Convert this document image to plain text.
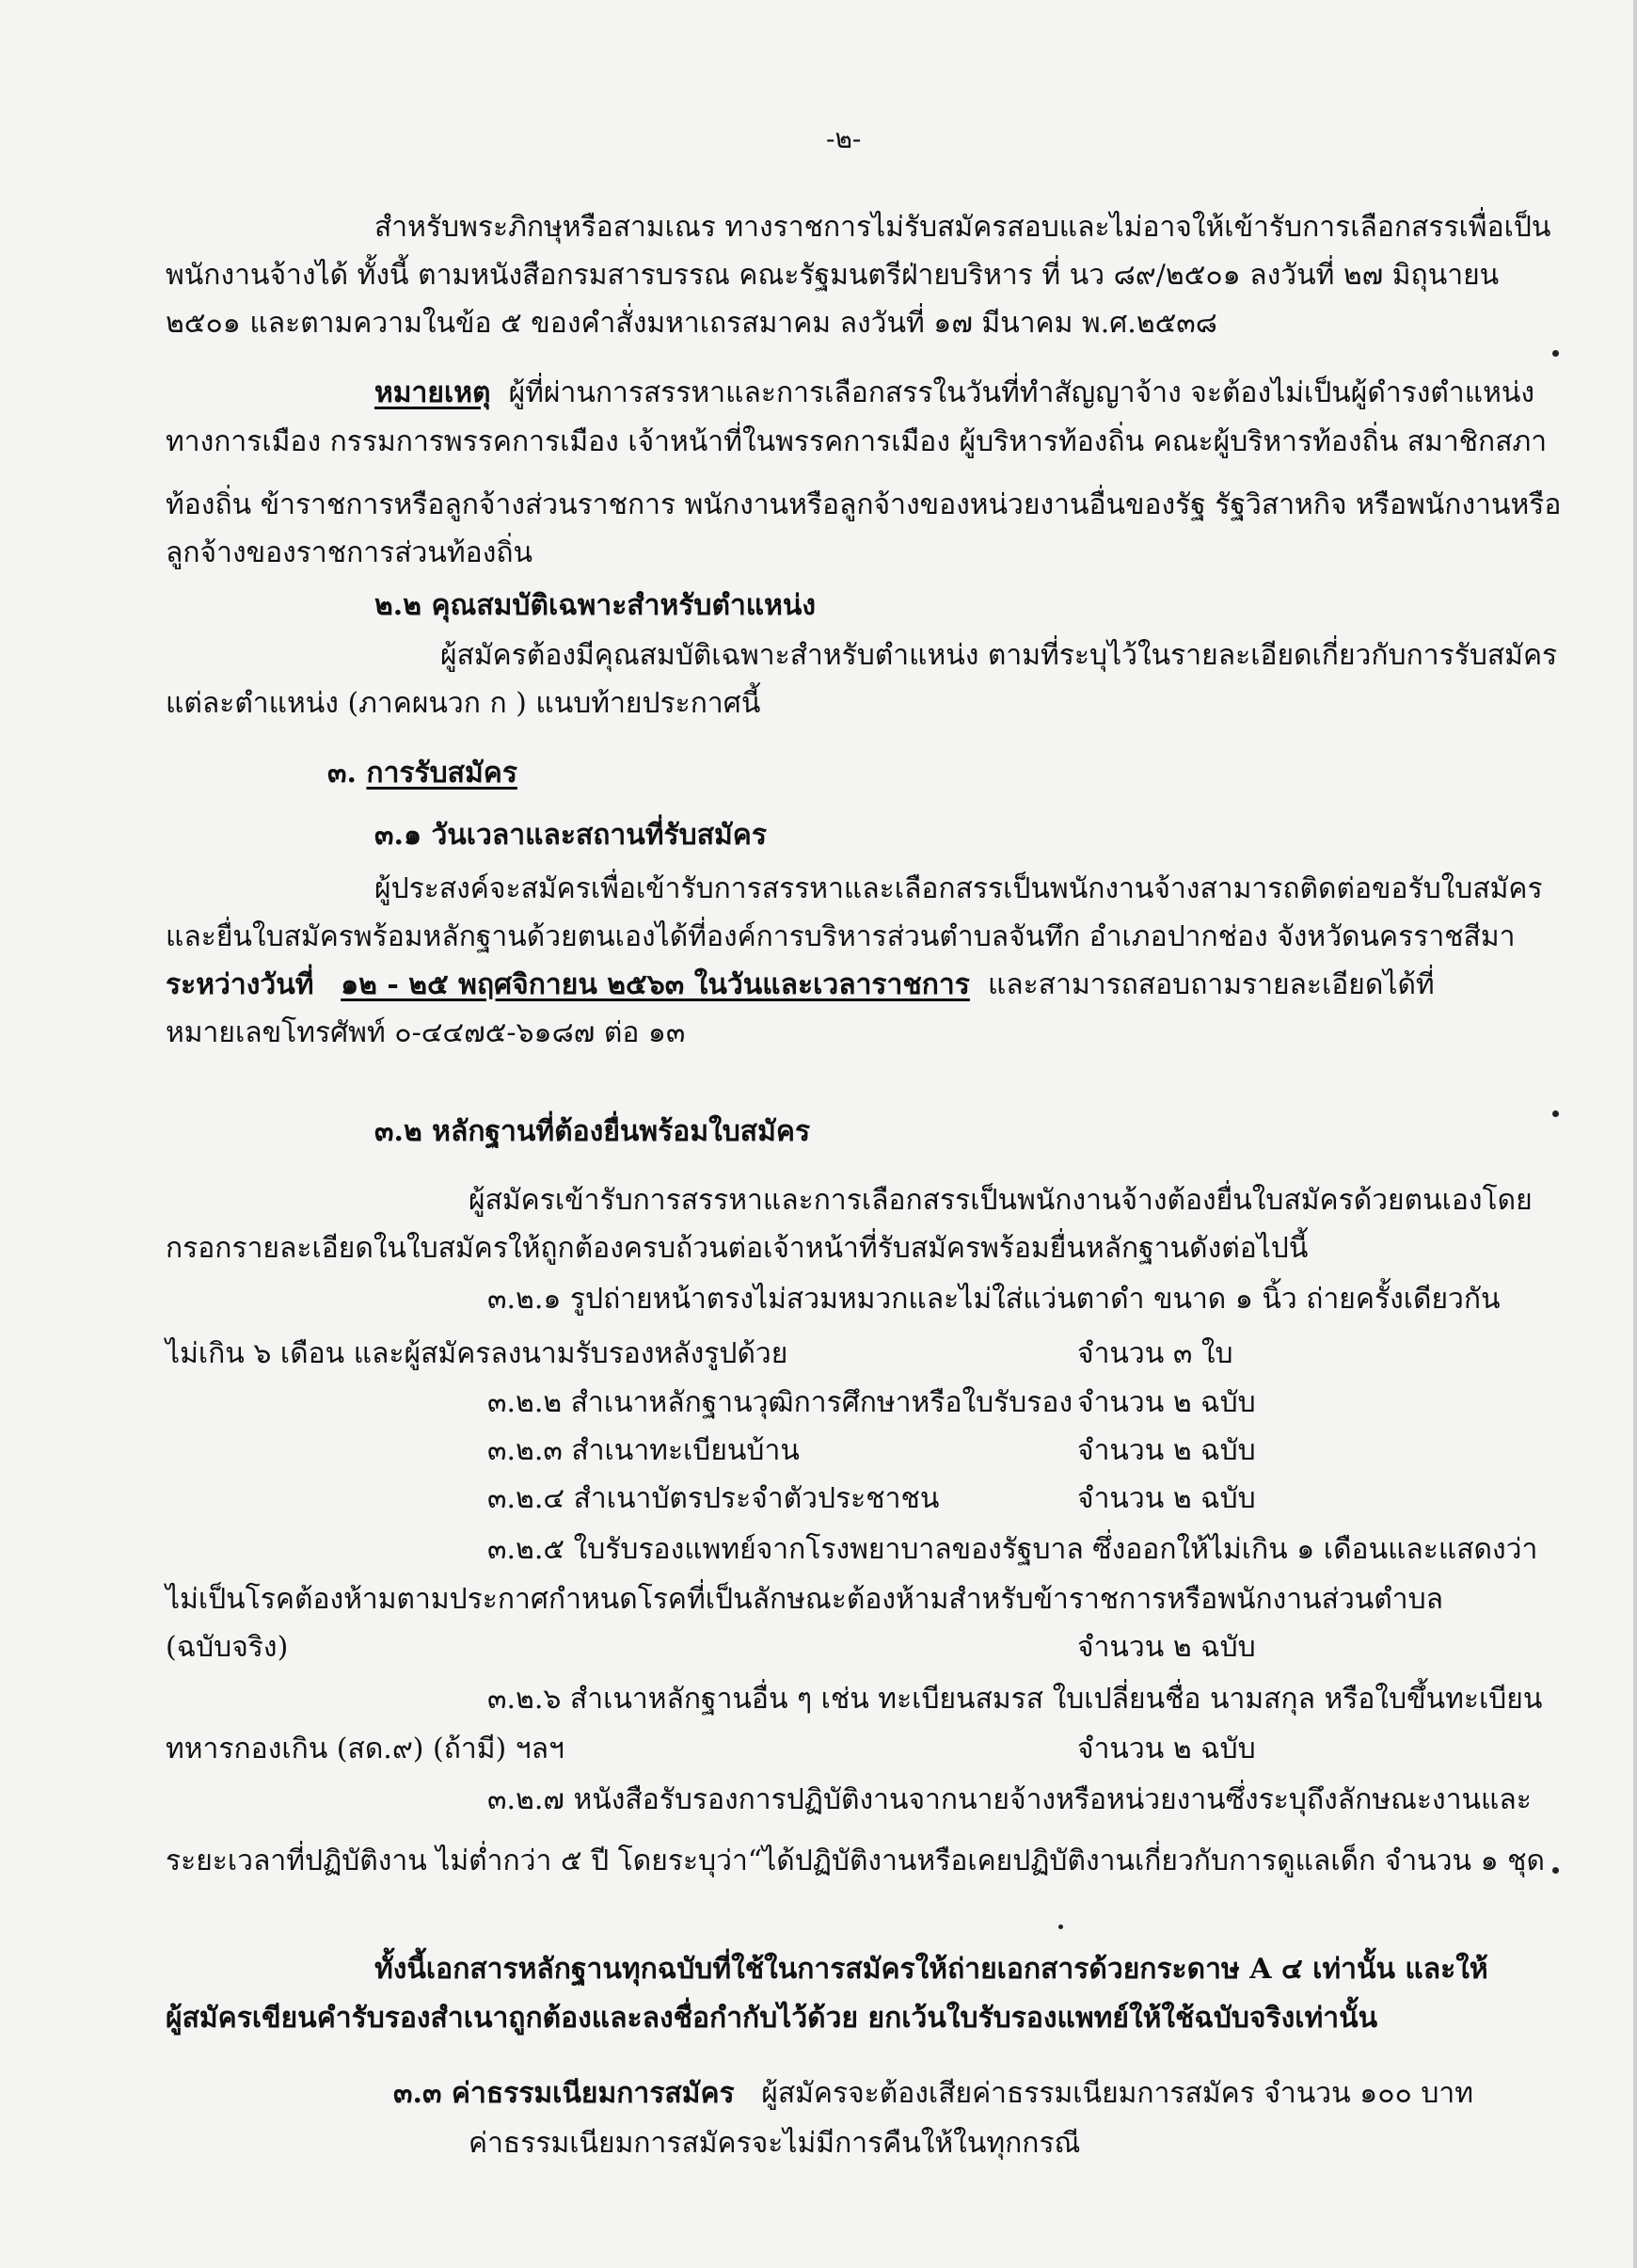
-๒-
สำหรับพระภิกษุหรือสามเณร ทางราชการไม่รับสมัครสอบและไม่อาจให้เข้ารับการเลือกสรรเพื่อเป็น
พนักงานจ้างได้ ทั้งนี้ ตามหนังสือกรมสารบรรณ คณะรัฐมนตรีฝ่ายบริหาร ที่ นว ๘๙/๒๕๐๑ ลงวันที่ ๒๗ มิถุนายน
๒๕๐๑ และตามความในข้อ ๕ ของคำสั่งมหาเถรสมาคม ลงวันที่ ๑๗ มีนาคม พ.ศ.๒๕๓๘
หมายเหตุ ผู้ที่ผ่านการสรรหาและการเลือกสรรในวันที่ทำสัญญาจ้าง จะต้องไม่เป็นผู้ดำรงตำแหน่ง
ทางการเมือง กรรมการพรรคการเมือง เจ้าหน้าที่ในพรรคการเมือง ผู้บริหารท้องถิ่น คณะผู้บริหารท้องถิ่น สมาชิกสภา
ท้องถิ่น ข้าราชการหรือลูกจ้างส่วนราชการ พนักงานหรือลูกจ้างของหน่วยงานอื่นของรัฐ รัฐวิสาหกิจ หรือพนักงานหรือ
ลูกจ้างของราชการส่วนท้องถิ่น
๒.๒ คุณสมบัติเฉพาะสำหรับตำแหน่ง
ผู้สมัครต้องมีคุณสมบัติเฉพาะสำหรับตำแหน่ง ตามที่ระบุไว้ในรายละเอียดเกี่ยวกับการรับสมัคร
แต่ละตำแหน่ง (ภาคผนวก ก ) แนบท้ายประกาศนี้
๓. การรับสมัคร
๓.๑ วันเวลาและสถานที่รับสมัคร
ผู้ประสงค์จะสมัครเพื่อเข้ารับการสรรหาและเลือกสรรเป็นพนักงานจ้างสามารถติดต่อขอรับใบสมัคร
และยื่นใบสมัครพร้อมหลักฐานด้วยตนเองได้ที่องค์การบริหารส่วนตำบลจันทึก อำเภอปากช่อง จังหวัดนครราชสีมา
ระหว่างวันที่ ๑๒ - ๒๕ พฤศจิกายน ๒๕๖๓ ในวันและเวลาราชการ และสามารถสอบถามรายละเอียดได้ที่
หมายเลขโทรศัพท์ ๐-๔๔๗๕-๖๑๘๗ ต่อ ๑๓
๓.๒ หลักฐานที่ต้องยื่นพร้อมใบสมัคร
ผู้สมัครเข้ารับการสรรหาและการเลือกสรรเป็นพนักงานจ้างต้องยื่นใบสมัครด้วยตนเองโดย
กรอกรายละเอียดในใบสมัครให้ถูกต้องครบถ้วนต่อเจ้าหน้าที่รับสมัครพร้อมยื่นหลักฐานดังต่อไปนี้
๓.๒.๑ รูปถ่ายหน้าตรงไม่สวมหมวกและไม่ใส่แว่นตาดำ ขนาด ๑ นิ้ว ถ่ายครั้งเดียวกัน
ไม่เกิน ๖ เดือน และผู้สมัครลงนามรับรองหลังรูปด้วย	จำนวน ๓ ใบ
๓.๒.๒ สำเนาหลักฐานวุฒิการศึกษาหรือใบรับรอง จำนวน ๒ ฉบับ
๓.๒.๓ สำเนาทะเบียนบ้าน	จำนวน ๒ ฉบับ
๓.๒.๔ สำเนาบัตรประจำตัวประชาชน	จำนวน ๒ ฉบับ
๓.๒.๕ ใบรับรองแพทย์จากโรงพยาบาลของรัฐบาล ซึ่งออกให้ไม่เกิน ๑ เดือนและแสดงว่า
ไม่เป็นโรคต้องห้ามตามประกาศกำหนดโรคที่เป็นลักษณะต้องห้ามสำหรับข้าราชการหรือพนักงานส่วนตำบล
(ฉบับจริง)	จำนวน ๒ ฉบับ
๓.๒.๖ สำเนาหลักฐานอื่น ๆ เช่น ทะเบียนสมรส ใบเปลี่ยนชื่อ นามสกุล หรือใบขึ้นทะเบียน
ทหารกองเกิน (สด.๙) (ถ้ามี) ฯลฯ	จำนวน ๒ ฉบับ
๓.๒.๗ หนังสือรับรองการปฏิบัติงานจากนายจ้างหรือหน่วยงานซึ่งระบุถึงลักษณะงานและ
ระยะเวลาที่ปฏิบัติงาน ไม่ต่ำกว่า ๕ ปี โดยระบุว่า“ได้ปฏิบัติงานหรือเคยปฏิบัติงานเกี่ยวกับการดูแลเด็ก จำนวน ๑ ชุด
ทั้งนี้เอกสารหลักฐานทุกฉบับที่ใช้ในการสมัครให้ถ่ายเอกสารด้วยกระดาษ A ๔ เท่านั้น และให้
ผู้สมัครเขียนคำรับรองสำเนาถูกต้องและลงชื่อกำกับไว้ด้วย ยกเว้นใบรับรองแพทย์ให้ใช้ฉบับจริงเท่านั้น
๓.๓ ค่าธรรมเนียมการสมัคร ผู้สมัครจะต้องเสียค่าธรรมเนียมการสมัคร จำนวน ๑๐๐ บาท
ค่าธรรมเนียมการสมัครจะไม่มีการคืนให้ในทุกกรณี
